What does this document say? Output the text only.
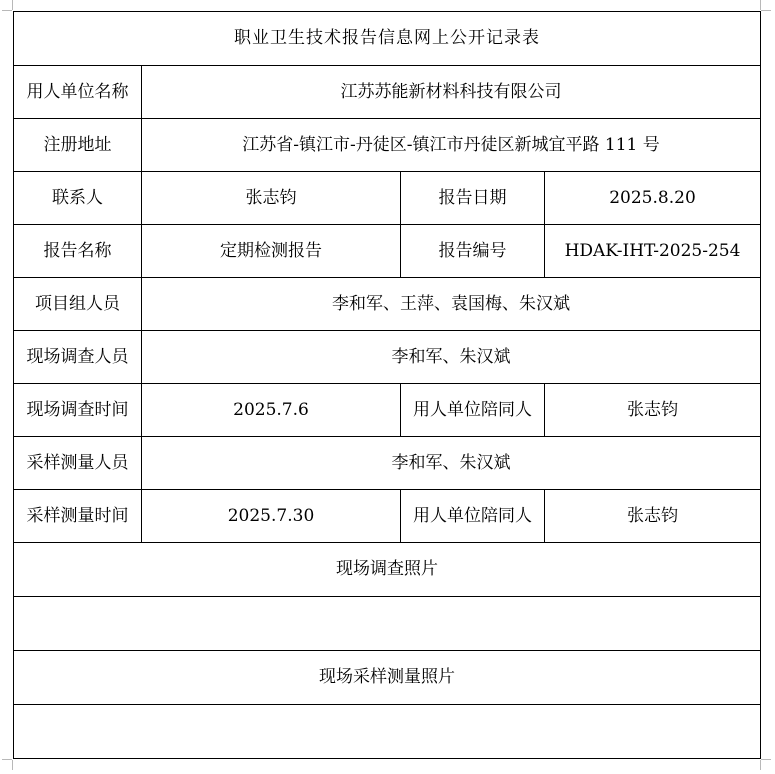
职业卫生技术报告信息网上公开记录表			
用人单位名称	江苏苏能新材料科技有限公司		
注册地址	江苏省-镇江市-丹徒区-镇江市丹徒区新城宜平路 111 号		
联系人	张志钧	报告日期	2025.8.20
报告名称	定期检测报告	报告编号	HDAK-IHT-2025-254
项目组人员	李和军、王萍、袁国梅、朱汉斌		
现场调查人员	李和军、朱汉斌		
现场调查时间	2025.7.6	用人单位陪同人	张志钧
采样测量人员	李和军、朱汉斌		
采样测量时间	2025.7.30	用人单位陪同人	张志钧
现场调查照片			

现场采样测量照片			
